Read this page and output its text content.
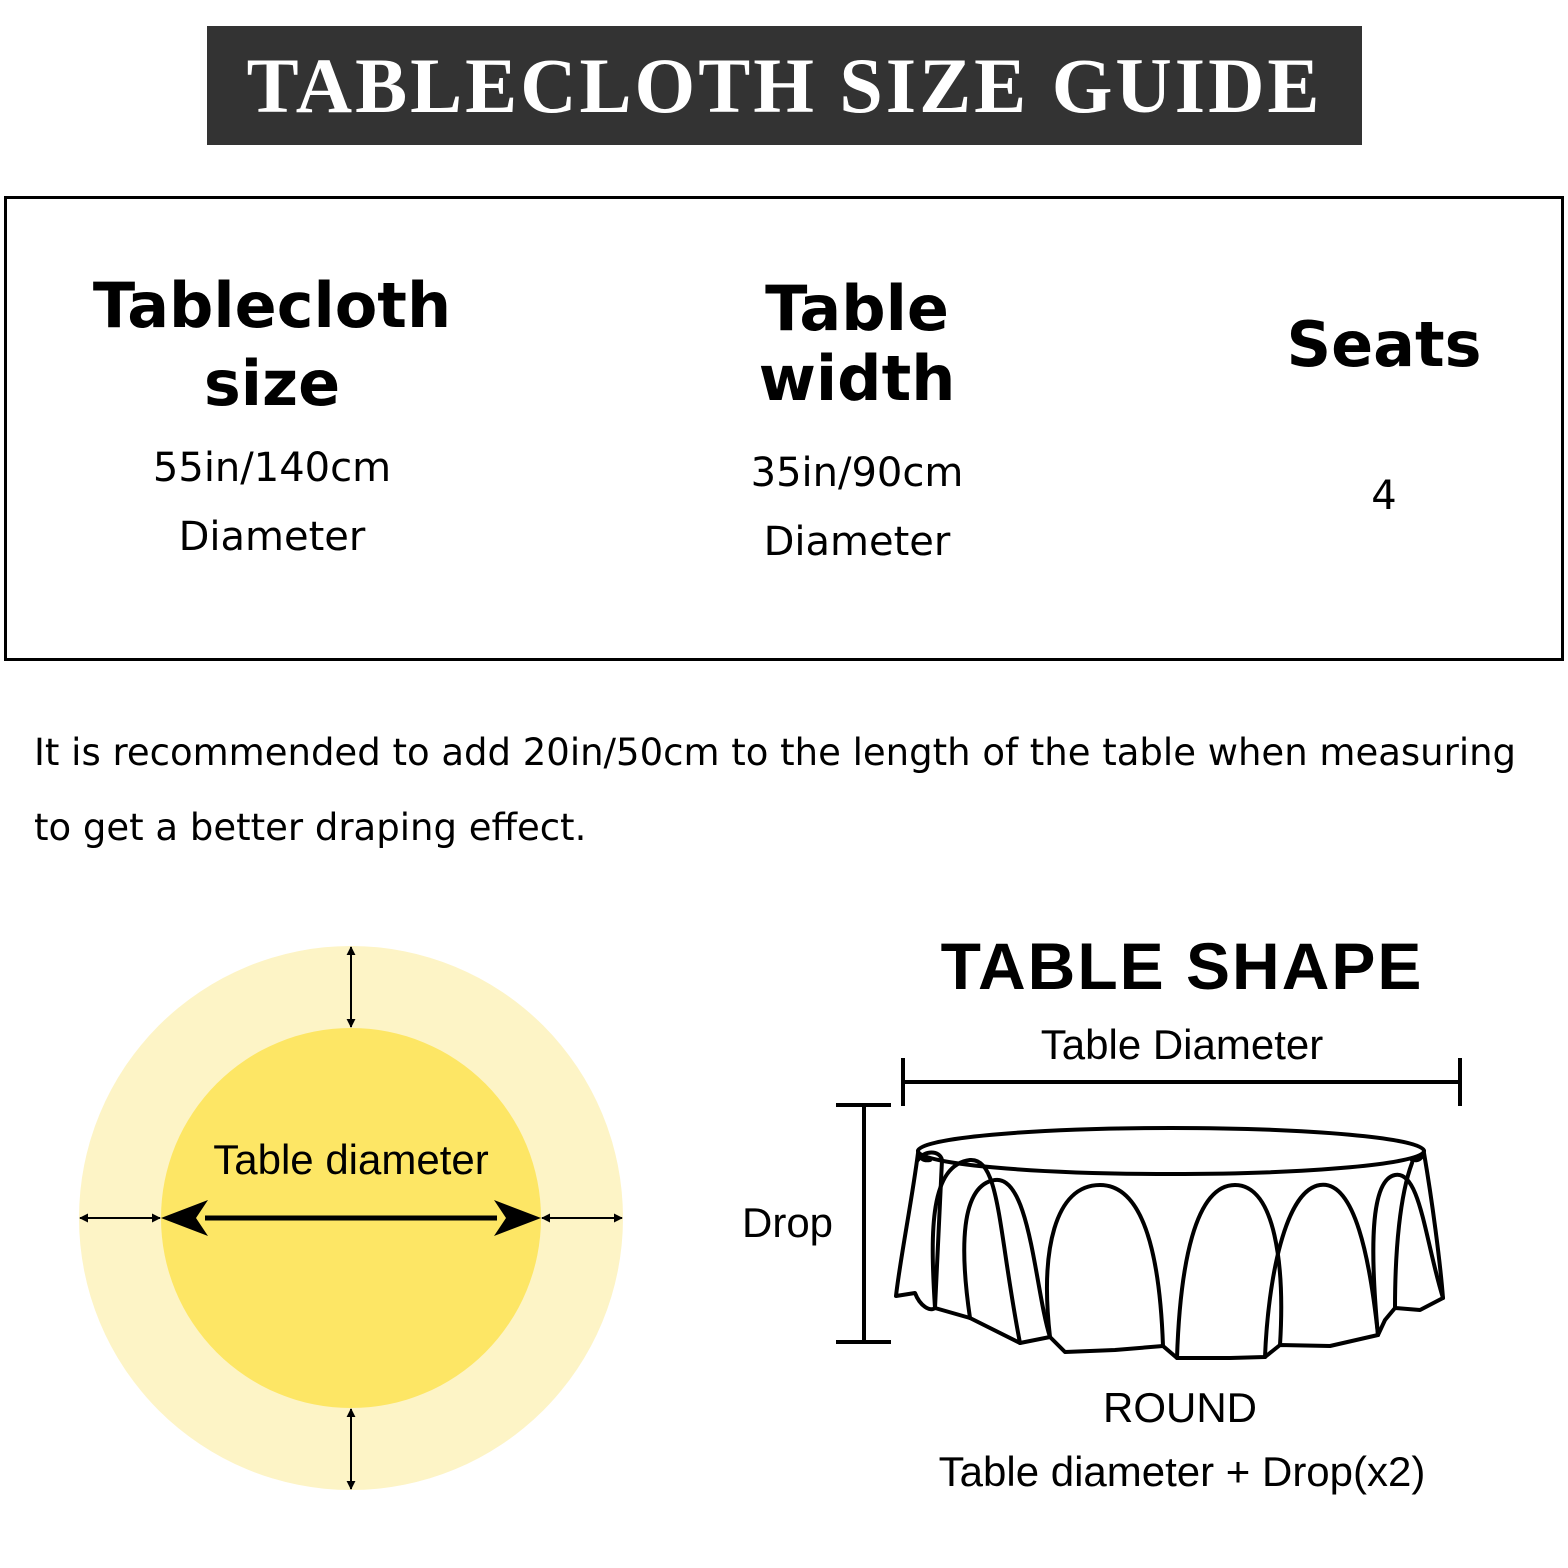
TABLECLOTH SIZE GUIDE
Tablecloth
size
55in/140cm
Diameter
Table
width
35in/90cm
Diameter
Seats
4
It is recommended to add 20in/50cm to the length of the table when measuring
to get a better draping effect.
Table diameter
TABLE SHAPE
Table Diameter
Drop
ROUND
Table diameter + Drop(x2)
